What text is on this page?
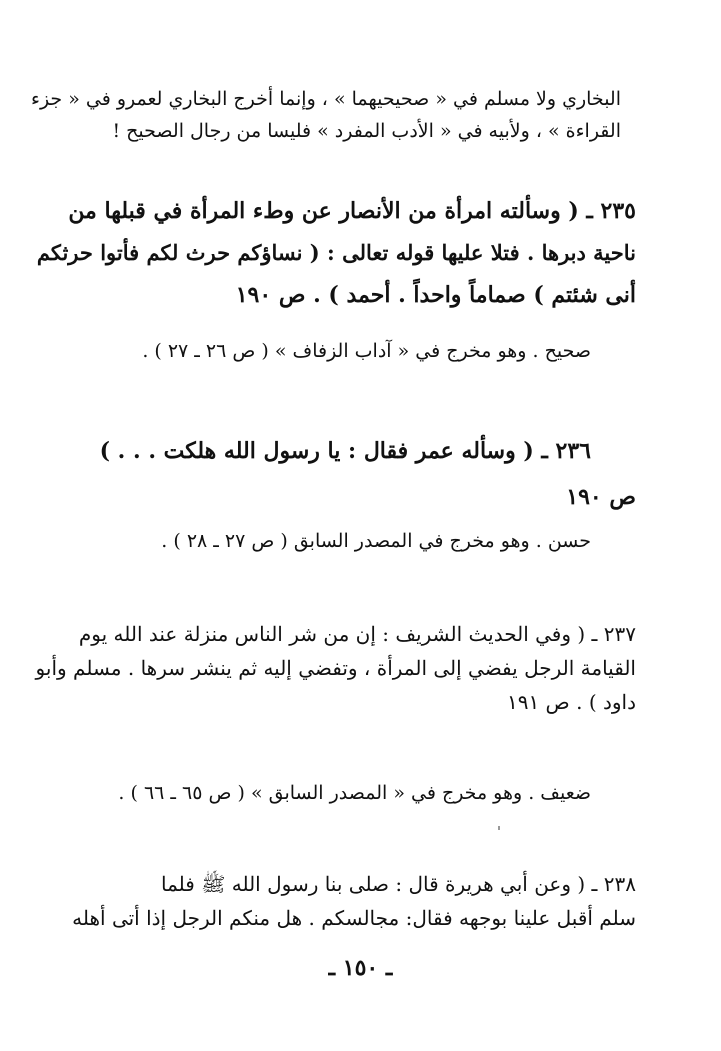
البخاري ولا مسلم في « صحيحيهما » ، وإنما أخرج البخاري لعمرو في « جزء
القراءة » ، ولأبيه في « الأدب المفرد » فليسا من رجال الصحيح !
٢٣٥ ـ ( وسألته امرأة من الأنصار عن وطء المرأة في قبلها من
ناحية دبرها . فتلا عليها قوله تعالى : ( نساؤكم حرث لكم فأتوا حرثكم
أنى شئتم ) صماماً واحداً . أحمد ) . ص ١٩٠
صحيح . وهو مخرج في « آداب الزفاف » ( ص ٢٦ ـ ٢٧ ) .
٢٣٦ ـ ( وسأله عمر فقال : يا رسول الله هلكت . . . )
ص ١٩٠
حسن . وهو مخرج في المصدر السابق ( ص ٢٧ ـ ٢٨ ) .
٢٣٧ ـ ( وفي الحديث الشريف : إن من شر الناس منزلة عند الله يوم
القيامة الرجل يفضي إلى المرأة ، وتفضي إليه ثم ينشر سرها . مسلم وأبو
داود ) . ص ١٩١
ضعيف . وهو مخرج في « المصدر السابق » ( ص ٦٥ ـ ٦٦ ) .
٢٣٨ ـ ( وعن أبي هريرة قال : صلى بنا رسول الله ﷺ فلما
سلم أقبل علينا بوجهه فقال: مجالسكم . هل منكم الرجل إذا أتى أهله
ـ ١٥٠ ـ
